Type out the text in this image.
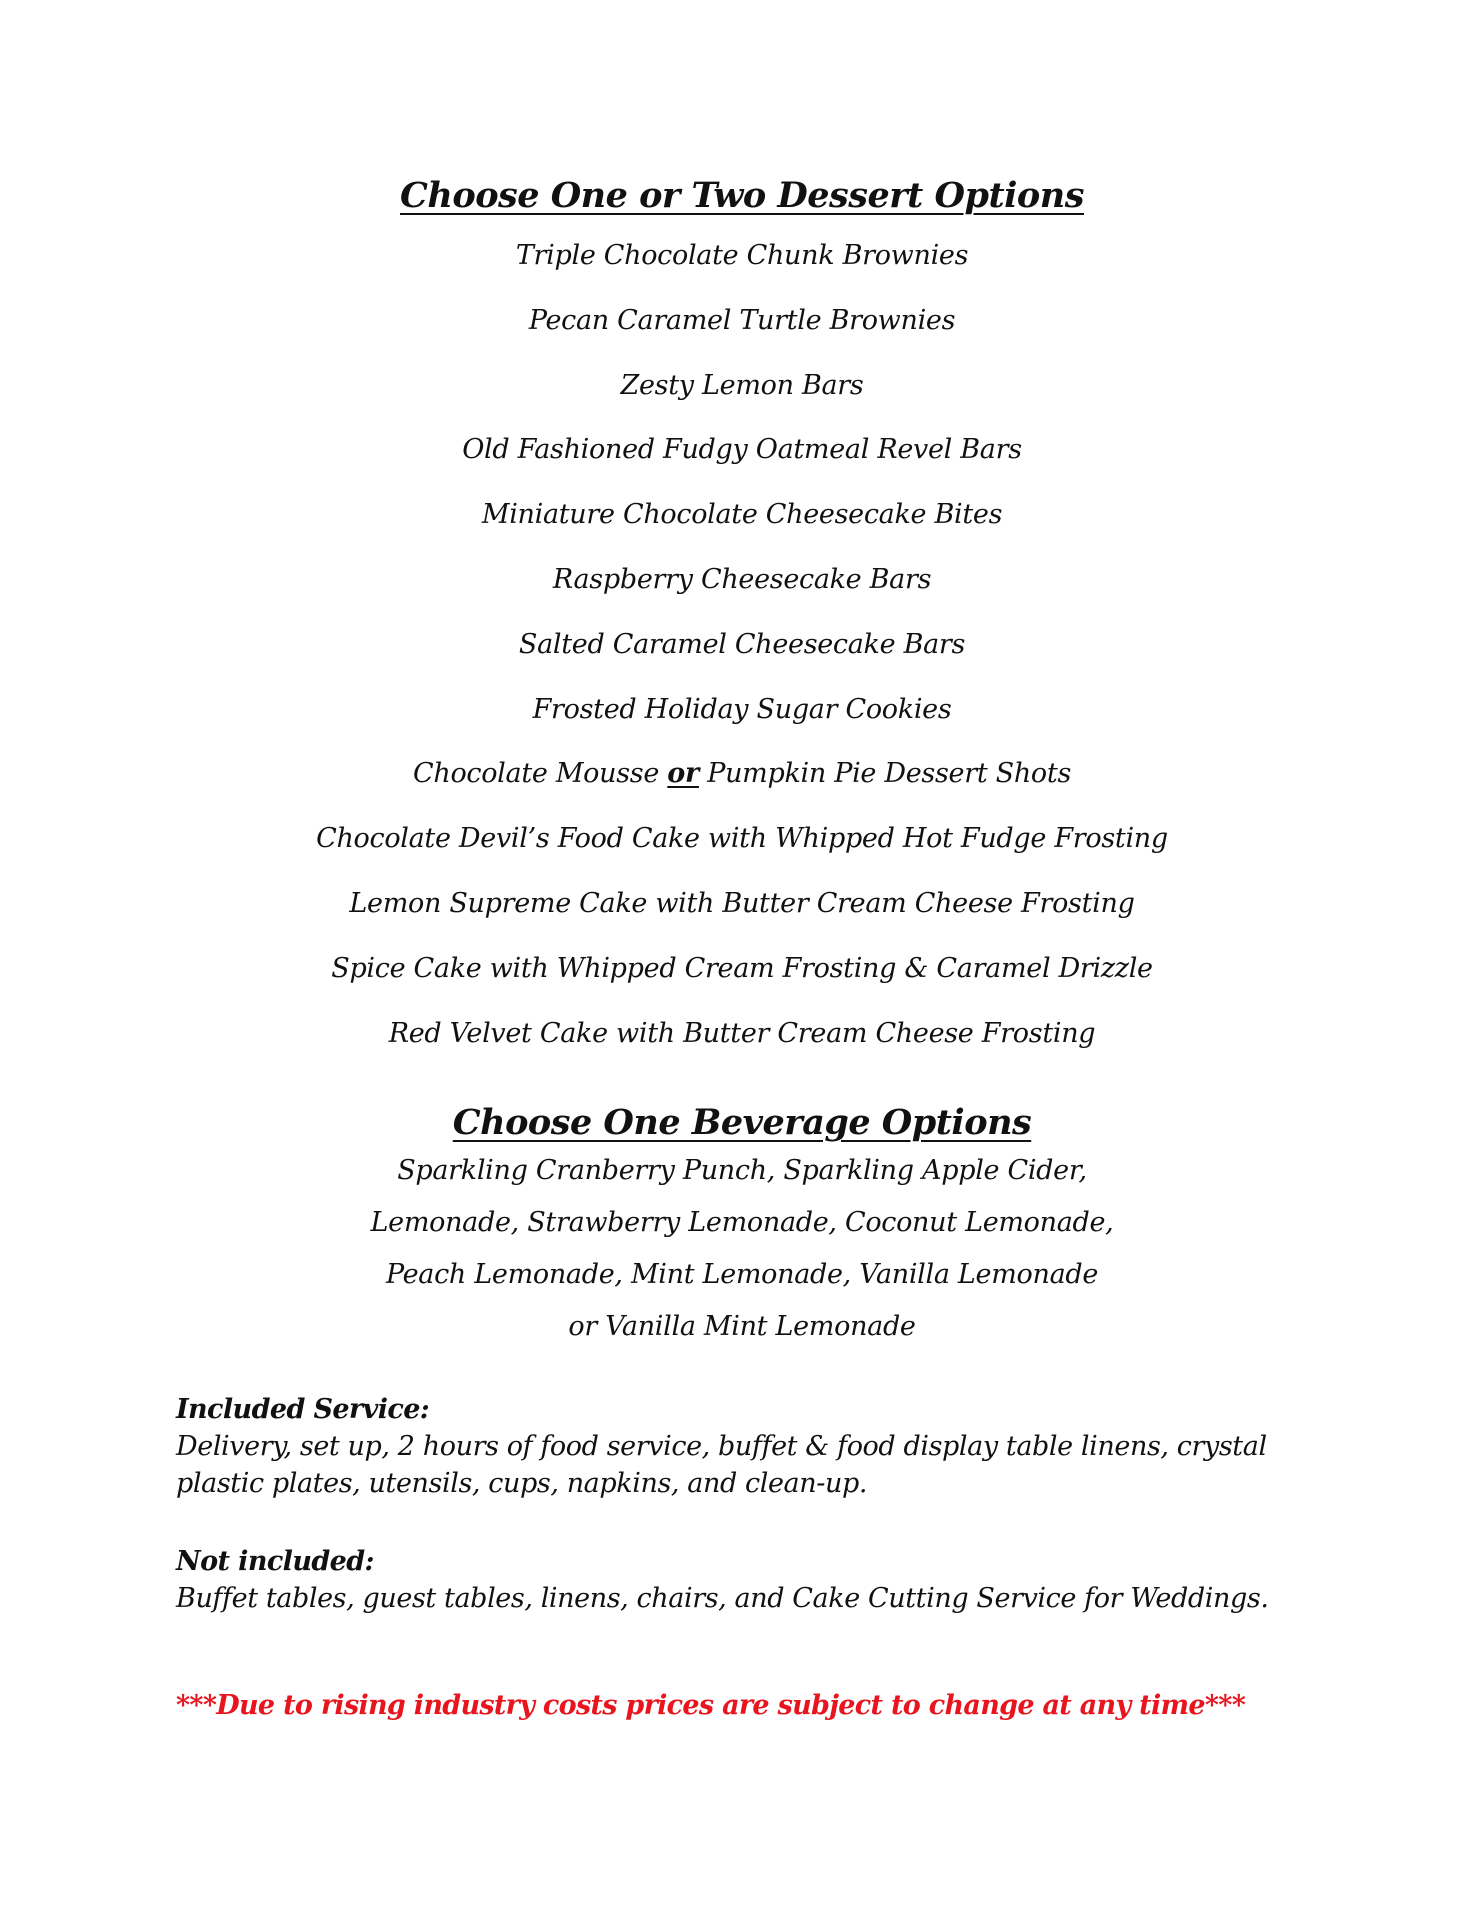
Choose One or Two Dessert Options
Triple Chocolate Chunk Brownies
Pecan Caramel Turtle Brownies
Zesty Lemon Bars
Old Fashioned Fudgy Oatmeal Revel Bars
Miniature Chocolate Cheesecake Bites
Raspberry Cheesecake Bars
Salted Caramel Cheesecake Bars
Frosted Holiday Sugar Cookies
Chocolate Mousse or Pumpkin Pie Dessert Shots
Chocolate Devil’s Food Cake with Whipped Hot Fudge Frosting
Lemon Supreme Cake with Butter Cream Cheese Frosting
Spice Cake with Whipped Cream Frosting & Caramel Drizzle
Red Velvet Cake with Butter Cream Cheese Frosting
Choose One Beverage Options
Sparkling Cranberry Punch, Sparkling Apple Cider,
Lemonade, Strawberry Lemonade, Coconut Lemonade,
Peach Lemonade, Mint Lemonade, Vanilla Lemonade
or Vanilla Mint Lemonade

Included Service:

Delivery, set up, 2 hours of food service, buffet & food display table linens, crystal plastic plates, utensils, cups, napkins, and clean-up.

Not included:

Buffet tables, guest tables, linens, chairs, and Cake Cutting Service for Weddings.

***Due to rising industry costs prices are subject to change at any time***
